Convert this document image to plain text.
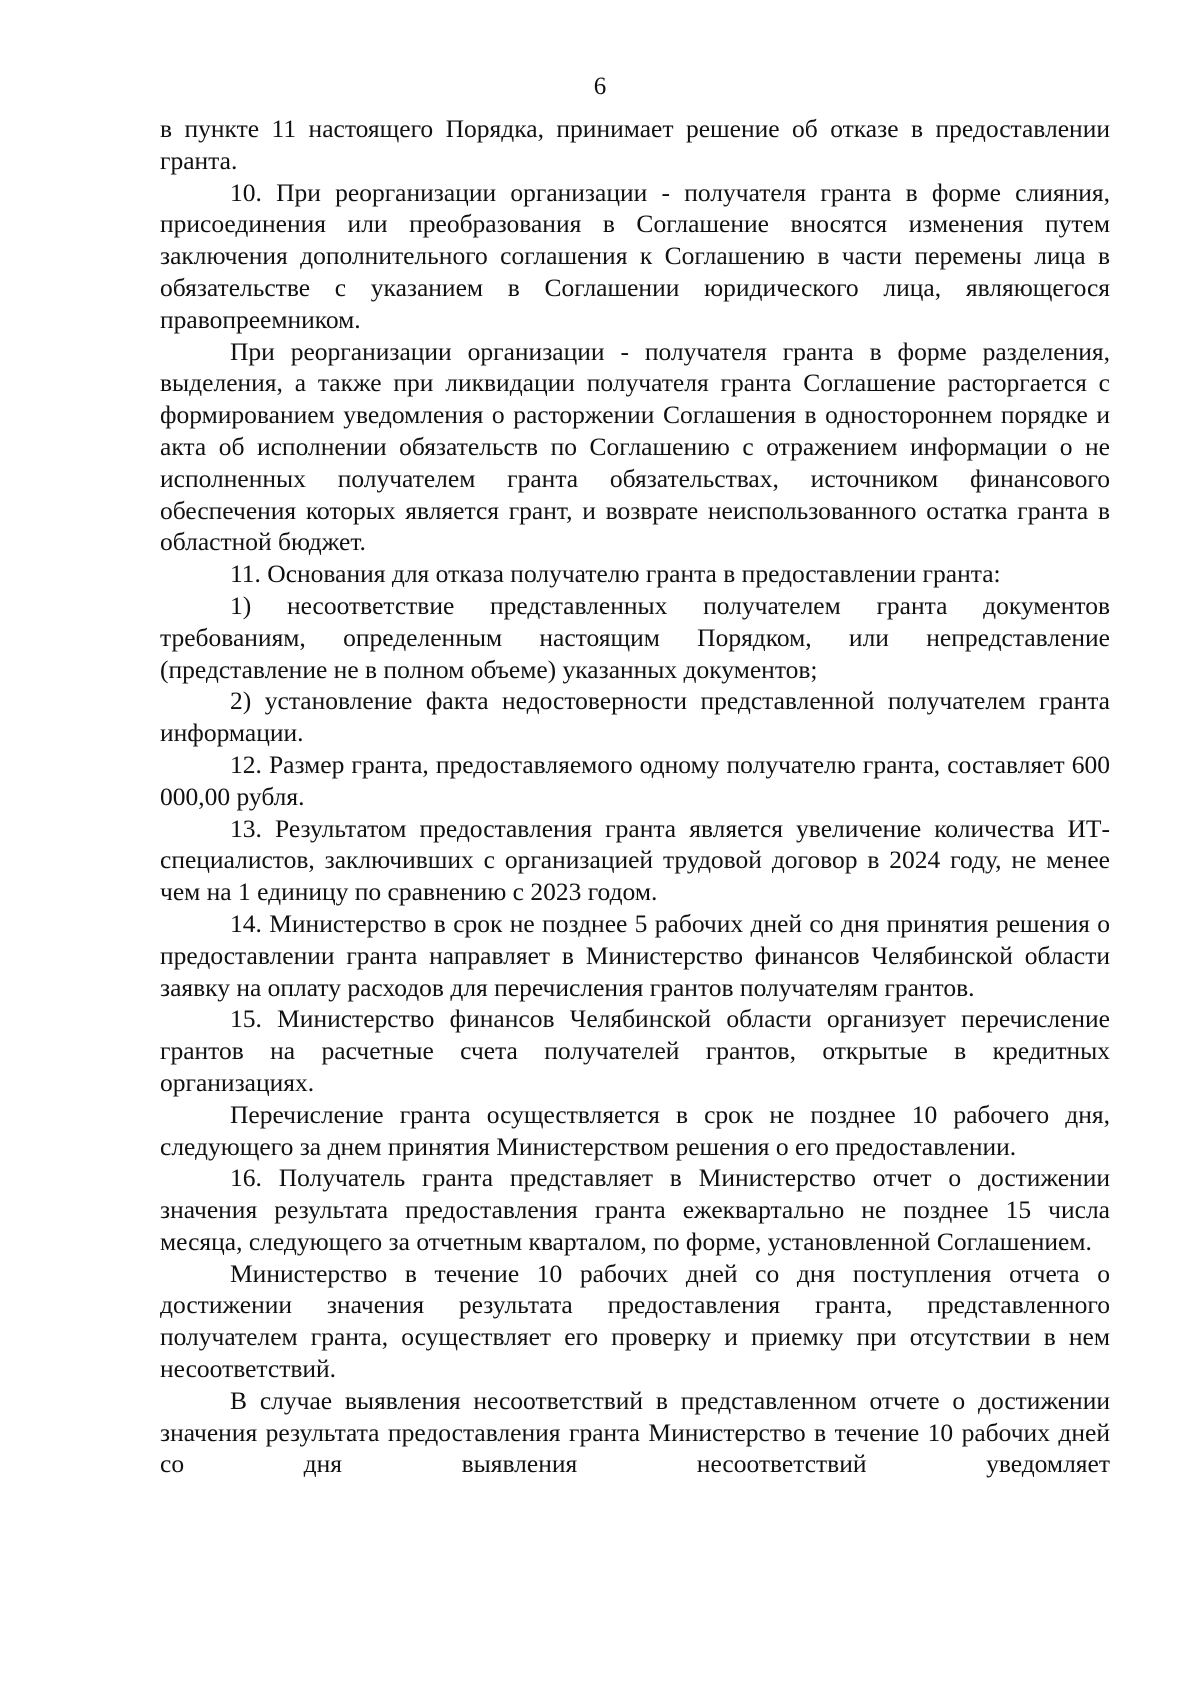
6

в пункте 11 настоящего Порядка, принимает решение об отказе в предоставлении гранта.

10. При реорганизации организации - получателя гранта в форме слияния, присоединения или преобразования в Соглашение вносятся изменения путем заключения дополнительного соглашения к Соглашению в части перемены лица в обязательстве с указанием в Соглашении юридического лица, являющегося правопреемником.

При реорганизации организации - получателя гранта в форме разделения, выделения, а также при ликвидации получателя гранта Соглашение расторгается с формированием уведомления о расторжении Соглашения в одностороннем порядке и акта об исполнении обязательств по Соглашению с отражением информации о не исполненных получателем гранта обязательствах, источником финансового обеспечения которых является грант, и возврате неиспользованного остатка гранта в областной бюджет.

11. Основания для отказа получателю гранта в предоставлении гранта:

1) несоответствие представленных получателем гранта документов требованиям, определенным настоящим Порядком, или непредставление (представление не в полном объеме) указанных документов;

2) установление факта недостоверности представленной получателем гранта информации.

12. Размер гранта, предоставляемого одному получателю гранта, составляет 600 000,00 рубля.

13. Результатом предоставления гранта является увеличение количества ИТ-специалистов, заключивших с организацией трудовой договор в 2024 году, не менее чем на 1 единицу по сравнению с 2023 годом.

14. Министерство в срок не позднее 5 рабочих дней со дня принятия решения о предоставлении гранта направляет в Министерство финансов Челябинской области заявку на оплату расходов для перечисления грантов получателям грантов.

15. Министерство финансов Челябинской области организует перечисление грантов на расчетные счета получателей грантов, открытые в кредитных организациях.

Перечисление гранта осуществляется в срок не позднее 10 рабочего дня, следующего за днем принятия Министерством решения о его предоставлении.

16. Получатель гранта представляет в Министерство отчет о достижении значения результата предоставления гранта ежеквартально не позднее 15 числа месяца, следующего за отчетным кварталом, по форме, установленной Соглашением.

Министерство в течение 10 рабочих дней со дня поступления отчета о достижении значения результата предоставления гранта, представленного получателем гранта, осуществляет его проверку и приемку при отсутствии в нем несоответствий.

В случае выявления несоответствий в представленном отчете о достижении значения результата предоставления гранта Министерство в течение 10 рабочих дней со дня выявления несоответствий уведомляет
